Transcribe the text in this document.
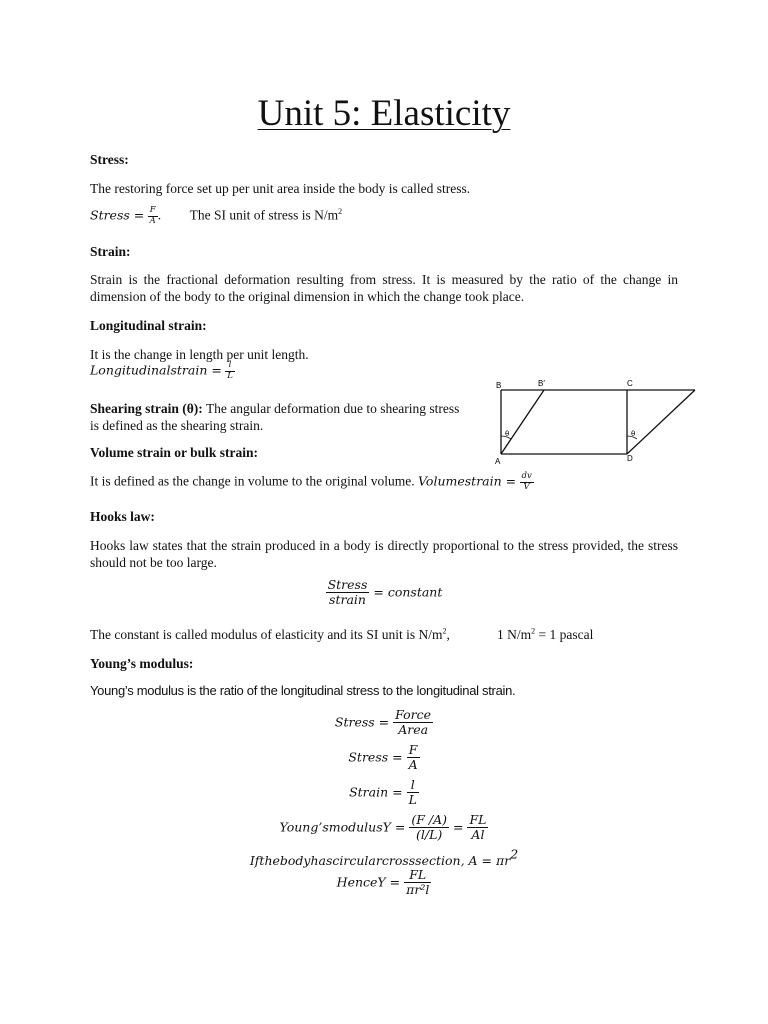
Unit 5: Elasticity
Stress:
The restoring force set up per unit area inside the body is called stress.
Stress = $\frac{F}{A}$ . The SI unit of stress is $N/m^2$
Strain:
Strain is the fractional deformation resulting from stress. It is measured by the ratio of the change in dimension of the body to the original dimension in which the change took place.
Longitudinal strain:
It is the change in length per unit length.
Longitudinalstrain = $\frac{l}{L}$
Shearing strain (θ): The angular deformation due to shearing stress
is defined as the shearing strain.
B	B′	C
A	D
θ	θ
Volume strain or bulk strain:
It is defined as the change in volume to the original volume. Volumestrain = $\frac{dv}{V}$
Hooks law:
Hooks law states that the strain produced in a body is directly proportional to the stress provided, the stress should not be too large.
$\frac{\text{Stress}}{\text{strain}}$ = constant
The constant is called modulus of elasticity and its SI unit is $N/m^2$,	1 $N/m^2 = 1$ pascal
Young’s modulus:
Young’s modulus is the ratio of the longitudinal stress to the longitudinal strain.
Stress = $\frac{\text{Force}}{\text{Area}}$
Stress = $\frac{F}{A}$
Strain = $\frac{l}{L}$
Young’smodulusY = $\frac{(F /A)}{(l/L)} = \frac{FL}{Al}$
Ifthebodyhascircularcrosssection, $A = \pi r^2$
HenceY = $\frac{FL}{\text{πr²l}}$
